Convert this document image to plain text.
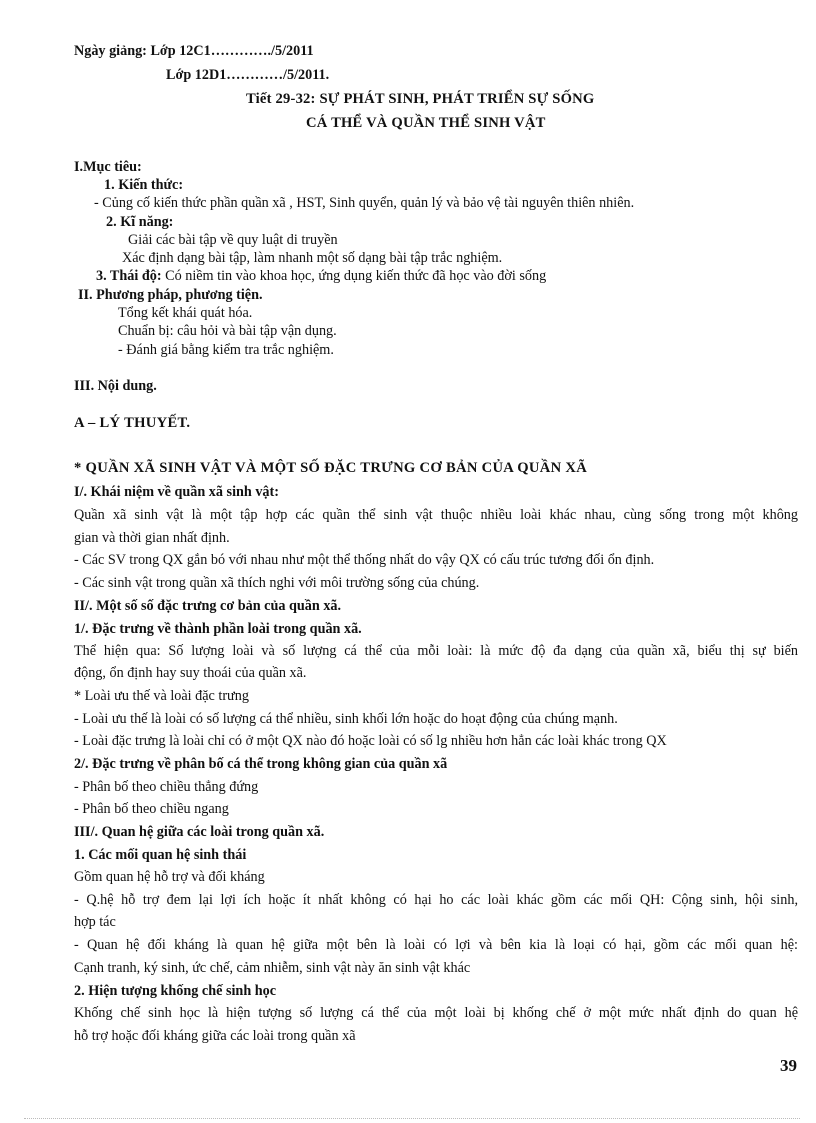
Ngày giảng: Lớp 12C1…………./5/2011
Lớp 12D1…………/5/2011.
Tiết 29-32: SỰ PHÁT SINH, PHÁT TRIỂN SỰ SỐNG
CÁ THỂ VÀ QUẦN THỂ SINH VẬT
I.Mục tiêu:
1. Kiến thức:
- Củng cố kiến thức phần quần xã , HST, Sinh quyển, quản lý và bảo vệ tài nguyên thiên nhiên.
2. Kĩ năng:
Giải các bài tập về quy luật di truyền
Xác định dạng bài tập, làm nhanh một số dạng bài tập trắc nghiệm.
3. Thái độ: Có niềm tin vào khoa học, ứng dụng kiến thức đã học vào đời sống
II. Phương pháp, phương tiện.
Tổng kết khái quát hóa.
Chuẩn bị: câu hỏi và bài tập vận dụng.
- Đánh giá bằng kiểm tra trắc nghiệm.
III. Nội dung.
A – LÝ THUYẾT.
* QUẦN XÃ SINH VẬT VÀ MỘT SỐ ĐẶC TRƯNG CƠ BẢN CỦA QUẦN XÃ
I/. Khái niệm về quần xã sinh vật:
Quần xã sinh vật là một tập hợp các quần thể sinh vật thuộc nhiều loài khác nhau, cùng sống trong một không
gian và thời gian nhất định.
- Các SV trong QX gắn bó với nhau như một thể thống nhất do vậy QX có cấu trúc tương đối ổn định.
- Các sinh vật trong quần xã thích nghi với môi trường sống của chúng.
II/. Một số số đặc trưng cơ bản của quần xã.
1/. Đặc trưng về thành phần loài trong quần xã.
Thể hiện qua: Số lượng loài và số lượng cá thể của mỗi loài: là mức độ đa dạng của quần xã, biểu thị sự biến
động, ổn định hay suy thoái của quần xã.
* Loài ưu thế và loài đặc trưng
- Loài ưu thế là loài có số lượng cá thể nhiều, sinh khối lớn hoặc do hoạt động của chúng mạnh.
- Loài đặc trưng là loài chỉ có ở một QX nào đó hoặc loài có số lg nhiều hơn hẳn các loài khác trong QX
2/. Đặc trưng về phân bố cá thể trong không gian của quần xã
- Phân bố theo chiều thẳng đứng
- Phân bố theo chiều ngang
III/. Quan hệ giữa các loài trong quần xã.
1. Các mối quan hệ sinh thái
Gồm quan hệ hỗ trợ và đối kháng
- Q.hệ hỗ trợ đem lại lợi ích hoặc ít nhất không có hại ho các loài khác gồm các mối QH: Cộng sinh, hội sinh,
hợp tác
- Quan hệ đối kháng là quan hệ giữa một bên là loài có lợi và bên kia là loại có hại, gồm các mối quan hệ:
Cạnh tranh, ký sinh, ức chế, cảm nhiễm, sinh vật này ăn sinh vật khác
2. Hiện tượng khống chế sinh học
Khống chế sinh học là hiện tượng số lượng cá thể của một loài bị khống chế ở một mức nhất định do quan hệ
hỗ trợ hoặc đối kháng giữa các loài trong quần xã
39
